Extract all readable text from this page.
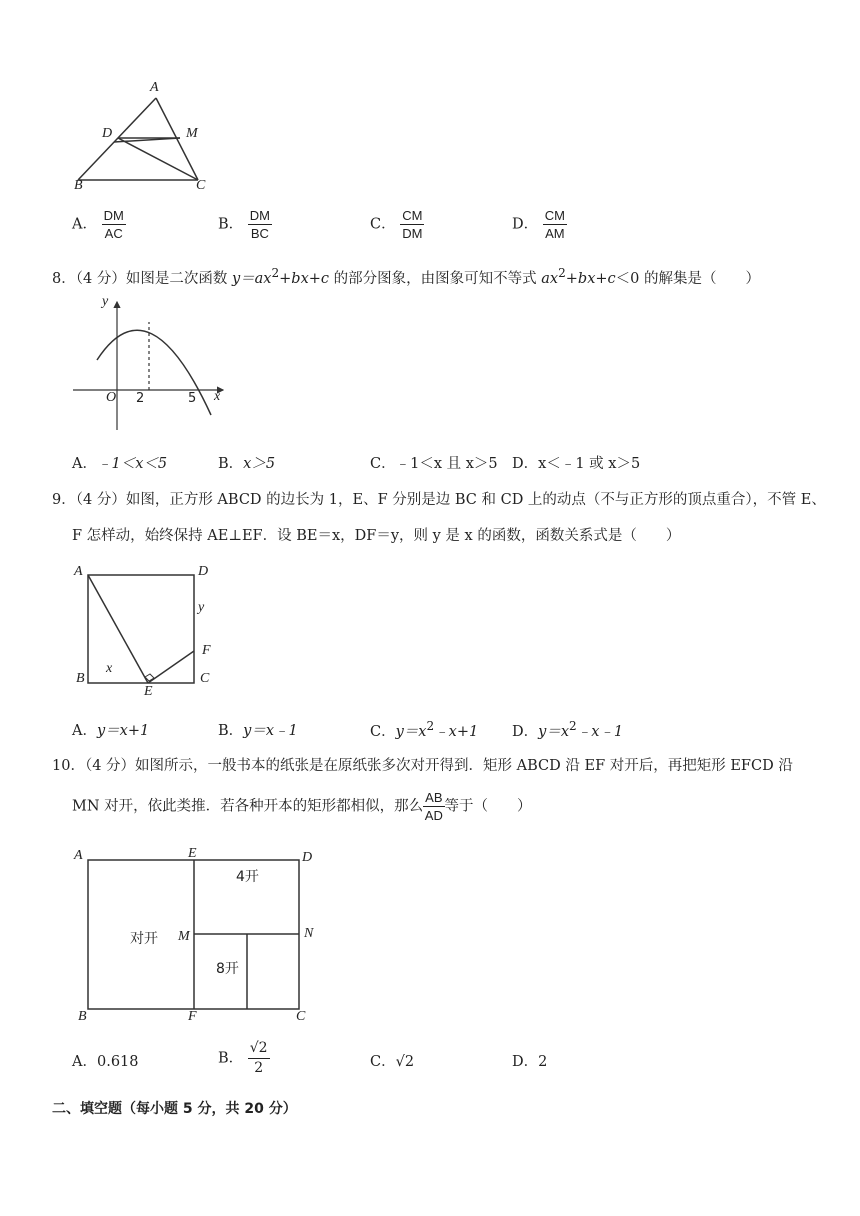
A
D	M
B	C
A． $\frac{DM}{AC}$	B． $\frac{DM}{BC}$	C． $\frac{CM}{DM}$	D． $\frac{CM}{AM}$
8．（4 分）如图是二次函数 $y=ax^2+bx+c$ 的部分图象，由图象可知不等式 $ax^2+bx+c<0$ 的解集是（　　）
y
x
O 2	5
A．﹣1＜x＜5	B．x＞5	C．﹣1＜x 且 x＞5 D．x＜﹣1 或 x＞5
9．（4 分）如图，正方形 ABCD 的边长为 1，E、F 分别是边 BC 和 CD 上的动点（不与正方形的顶点重合），不管 E、
F 怎样动，始终保持 AE⊥EF．设 BE＝x，DF＝y，则 y 是 x 的函数，函数关系式是（　　）
A	D
B	C
E
F
x
y
A．y＝x+1	B．y＝x﹣1	C．$y=x^2﹣x+1$ D．$y=x^2﹣x﹣1$
10．（4 分）如图所示，一般书本的纸张是在原纸张多次对开得到．矩形 ABCD 沿 EF 对开后，再把矩形 EFCD 沿
MN 对开，依此类推．若各种开本的矩形都相似，那么 $\frac{AB}{AD}$ 等于（　　）
A	E	D
M	N
B	F	C
对开
4开
8开
A．0.618	B． $\frac{√2}{2}$	C．√2	D．2
二、填空题（每小题 5 分，共 20 分）
